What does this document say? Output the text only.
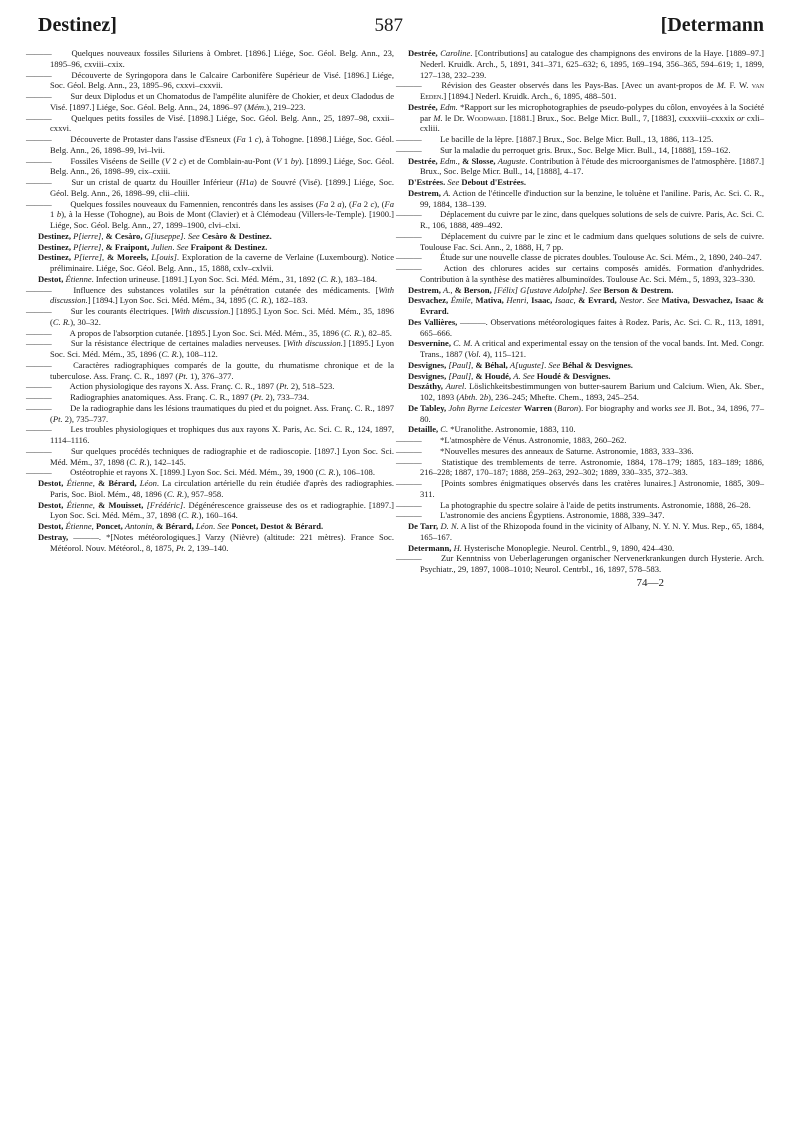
Destinez]	587	[Determann

——— Quelques nouveaux fossiles Siluriens à Ombret. [1896.] Liége, Soc. Géol. Belg. Ann., 23, 1895–96, cxviii–cxix.

——— Découverte de Syringopora dans le Calcaire Carbonifère Supérieur de Visé. [1896.] Liége, Soc. Géol. Belg. Ann., 23, 1895–96, cxxvi–cxxvii.

——— Sur deux Diplodus et un Chomatodus de l'ampélite alunifère de Chokier, et deux Cladodus de Visé. [1897.] Liége, Soc. Géol. Belg. Ann., 24, 1896–97 (Mém.), 219–223.

——— Quelques petits fossiles de Visé. [1898.] Liége, Soc. Géol. Belg. Ann., 25, 1897–98, cxxii–cxxvi.

——— Découverte de Protaster dans l'assise d'Esneux (Fa 1 c), à Tohogne. [1898.] Liége, Soc. Géol. Belg. Ann., 26, 1898–99, lvi–lvii.

——— Fossiles Viséens de Seille (V 2 c) et de Comblain-au-Pont (V 1 by). [1899.] Liége, Soc. Géol. Belg. Ann., 26, 1898–99, cix–cxiii.

——— Sur un cristal de quartz du Houiller Inférieur (H1a) de Souvré (Visé). [1899.] Liége, Soc. Géol. Belg. Ann., 26, 1898–99, clii–cliii.

——— Quelques fossiles nouveaux du Famennien, rencontrés dans les assises (Fa 2 a), (Fa 2 c), (Fa 1 b), à la Hesse (Tohogne), au Bois de Mont (Clavier) et à Clémodeau (Villers-le-Temple). [1900.] Liége, Soc. Géol. Belg. Ann., 27, 1899–1900, clvi–clxi.

Destinez, P[ierre], & Cesàro, G[iuseppe]. See Cesàro & Destinez.

Destinez, P[ierre], & Fraipont, Julien. See Fraipont & Destinez.

Destinez, P[ierre], & Moreels, L[ouis]. Exploration de la caverne de Verlaine (Luxembourg). Notice préliminaire. Liége, Soc. Géol. Belg. Ann., 15, 1888, cxlv–cxlvii.

Destot, Étienne. Infection urineuse. [1891.] Lyon Soc. Sci. Méd. Mém., 31, 1892 (C. R.), 183–184.

——— Influence des substances volatiles sur la pénétration cutanée des médicaments. [With discussion.] [1894.] Lyon Soc. Sci. Méd. Mém., 34, 1895 (C. R.), 182–183.

——— Sur les courants électriques. [With discussion.] [1895.] Lyon Soc. Sci. Méd. Mém., 35, 1896 (C. R.), 30–32.

——— A propos de l'absorption cutanée. [1895.] Lyon Soc. Sci. Méd. Mém., 35, 1896 (C. R.), 82–85.

——— Sur la résistance électrique de certaines maladies nerveuses. [With discussion.] [1895.] Lyon Soc. Sci. Méd. Mém., 35, 1896 (C. R.), 108–112.

——— Caractères radiographiques comparés de la goutte, du rhumatisme chronique et de la tuberculose. Ass. Franç. C. R., 1897 (Pt. 1), 376–377.

——— Action physiologique des rayons X. Ass. Franç. C. R., 1897 (Pt. 2), 518–523.

——— Radiographies anatomiques. Ass. Franç. C. R., 1897 (Pt. 2), 733–734.

——— De la radiographie dans les lésions traumatiques du pied et du poignet. Ass. Franç. C. R., 1897 (Pt. 2), 735–737.

——— Les troubles physiologiques et trophiques dus aux rayons X. Paris, Ac. Sci. C. R., 124, 1897, 1114–1116.

——— Sur quelques procédés techniques de radiographie et de radioscopie. [1897.] Lyon Soc. Sci. Méd. Mém., 37, 1898 (C. R.), 142–145.

——— Ostéotrophie et rayons X. [1899.] Lyon Soc. Sci. Méd. Mém., 39, 1900 (C. R.), 106–108.

Destot, Étienne, & Bérard, Léon. La circulation artérielle du rein étudiée d'après des radiographies. Paris, Soc. Biol. Mém., 48, 1896 (C. R.), 957–958.

Destot, Étienne, & Mouisset, [Frédéric]. Dégénérescence graisseuse des os et radiographie. [1897.] Lyon Soc. Sci. Méd. Mém., 37, 1898 (C. R.), 160–164.

Destot, Étienne, Poncet, Antonin, & Bérard, Léon. See Poncet, Destot & Bérard.

Destray, ———. *[Notes météorologiques.] Varzy (Nièvre) (altitude: 221 mètres). France Soc. Météorol. Nouv. Météorol., 8, 1875, Pt. 2, 139–140.

Destrée, Caroline. [Contributions] au catalogue des champignons des environs de la Haye. [1889–97.] Nederl. Kruidk. Arch., 5, 1891, 341–371, 625–632; 6, 1895, 169–194, 356–365, 594–619; 1, 1899, 127–138, 232–239.

——— Révision des Geaster observés dans les Pays-Bas. [Avec un avant-propos de M. F. W. van Eeden.] [1894.] Nederl. Kruidk. Arch., 6, 1895, 488–501.

Destrée, Edm. *Rapport sur les microphotographies de pseudo-polypes du côlon, envoyées à la Société par M. le Dr. Woodward. [1881.] Brux., Soc. Belge Micr. Bull., 7, [1883], cxxxviii–cxxxix or cxli–cxliii.

——— Le bacille de la lèpre. [1887.] Brux., Soc. Belge Micr. Bull., 13, 1886, 113–125.

——— Sur la maladie du perroquet gris. Brux., Soc. Belge Micr. Bull., 14, [1888], 159–162.

Destrée, Edm., & Slosse, Auguste. Contribution à l'étude des microorganismes de l'atmosphère. [1887.] Brux., Soc. Belge Micr. Bull., 14, [1888], 4–17.

D'Estrées. See Debout d'Estrées.

Destrem, A. Action de l'étincelle d'induction sur la benzine, le toluène et l'aniline. Paris, Ac. Sci. C. R., 99, 1884, 138–139.

——— Déplacement du cuivre par le zinc, dans quelques solutions de sels de cuivre. Paris, Ac. Sci. C. R., 106, 1888, 489–492.

——— Déplacement du cuivre par le zinc et le cadmium dans quelques solutions de sels de cuivre. Toulouse Fac. Sci. Ann., 2, 1888, H, 7 pp.

——— Étude sur une nouvelle classe de picrates doubles. Toulouse Ac. Sci. Mém., 2, 1890, 240–247.

——— Action des chlorures acides sur certains composés amidés. Formation d'anhydrides. Contribution à la synthèse des matières albuminoïdes. Toulouse Ac. Sci. Mém., 5, 1893, 323–330.

Destrem, A., & Berson, [Félix] G[ustave Adolphe]. See Berson & Destrem.

Desvachez, Émile, Mativa, Henri, Isaac, Isaac, & Evrard, Nestor. See Mativa, Desvachez, Isaac & Evrard.

Des Vallières, ———. Observations météorologiques faites à Rodez. Paris, Ac. Sci. C. R., 113, 1891, 665–666.

Desvernine, C. M. A critical and experimental essay on the tension of the vocal bands. Int. Med. Congr. Trans., 1887 (Vol. 4), 115–121.

Desvignes, [Paul], & Béhal, A[uguste]. See Béhal & Desvignes.

Desvignes, [Paul], & Houdé, A. See Houdé & Desvignes.

Deszáthy, Aurel. Löslichkeitsbestimmungen von butter-saurem Barium und Calcium. Wien, Ak. Sber., 102, 1893 (Abth. 2b), 236–245; Mhefte. Chem., 1893, 245–254.

De Tabley, John Byrne Leicester Warren (Baron). For biography and works see Jl. Bot., 34, 1896, 77–80.

Detaille, C. *Uranolithe. Astronomie, 1883, 110.

——— *L'atmosphère de Vénus. Astronomie, 1883, 260–262.

——— *Nouvelles mesures des anneaux de Saturne. Astronomie, 1883, 333–336.

——— Statistique des tremblements de terre. Astronomie, 1884, 178–179; 1885, 183–189; 1886, 216–228; 1887, 170–187; 1888, 259–263, 292–302; 1889, 330–335, 372–383.

——— [Points sombres énigmatiques observés dans les cratères lunaires.] Astronomie, 1885, 309–311.

——— La photographie du spectre solaire à l'aide de petits instruments. Astronomie, 1888, 26–28.

——— L'astronomie des anciens Égyptiens. Astronomie, 1888, 339–347.

De Tarr, D. N. A list of the Rhizopoda found in the vicinity of Albany, N. Y. N. Y. Mus. Rep., 65, 1884, 165–167.

Determann, H. Hysterische Monoplegie. Neurol. Centrbl., 9, 1890, 424–430.

——— Zur Kenntniss von Ueberlagerungen organischer Nervenerkrankungen durch Hysterie. Arch. Psychiatr., 29, 1897, 1008–1010; Neurol. Centrbl., 16, 1897, 578–583.

74—2
